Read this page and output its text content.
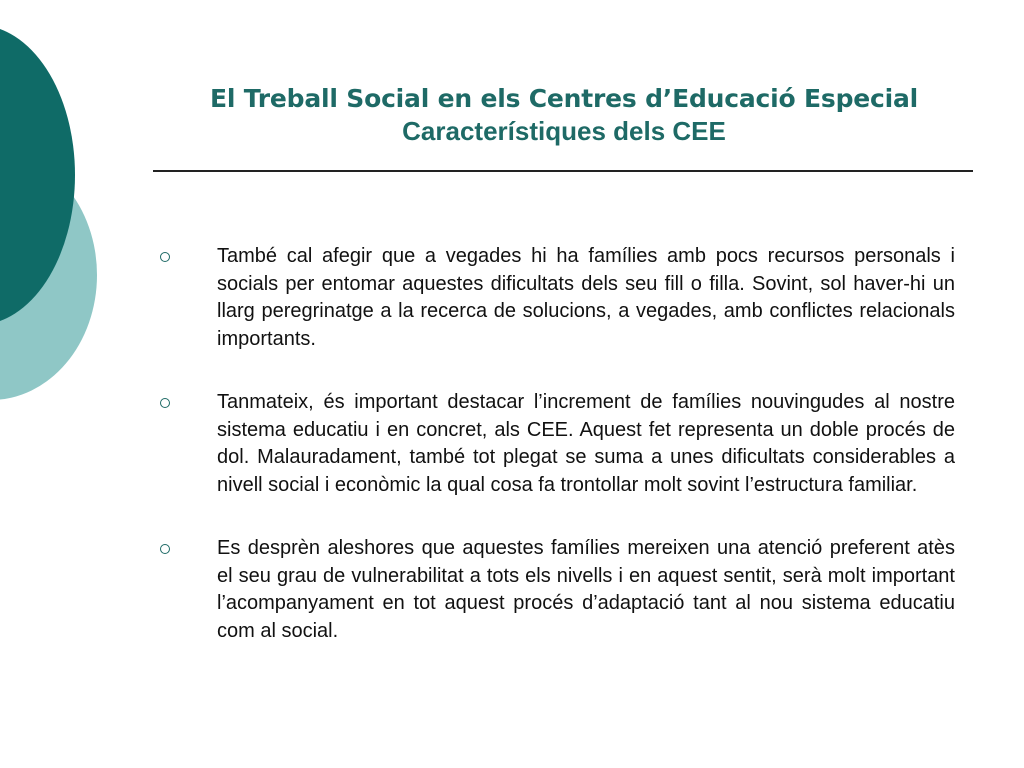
El Treball Social en els Centres d’Educació Especial
Característiques dels CEE

També cal afegir que a vegades hi ha famílies amb pocs recursos personals i socials per entomar aquestes dificultats dels seu fill o filla. Sovint, sol haver-hi un llarg peregrinatge a la recerca de solucions, a vegades, amb conflictes relacionals importants.

Tanmateix, és important destacar l’increment de famílies nouvingudes al nostre sistema educatiu i en concret, als CEE. Aquest fet representa un doble procés de dol. Malauradament, també tot plegat se suma a unes dificultats considerables a nivell social i econòmic la qual cosa fa trontollar molt sovint l’estructura familiar.

Es desprèn aleshores que aquestes famílies mereixen una atenció preferent atès el seu grau de vulnerabilitat a tots els nivells i en aquest sentit, serà molt important l’acompanyament en tot aquest procés d’adaptació tant al nou sistema educatiu com al social.
